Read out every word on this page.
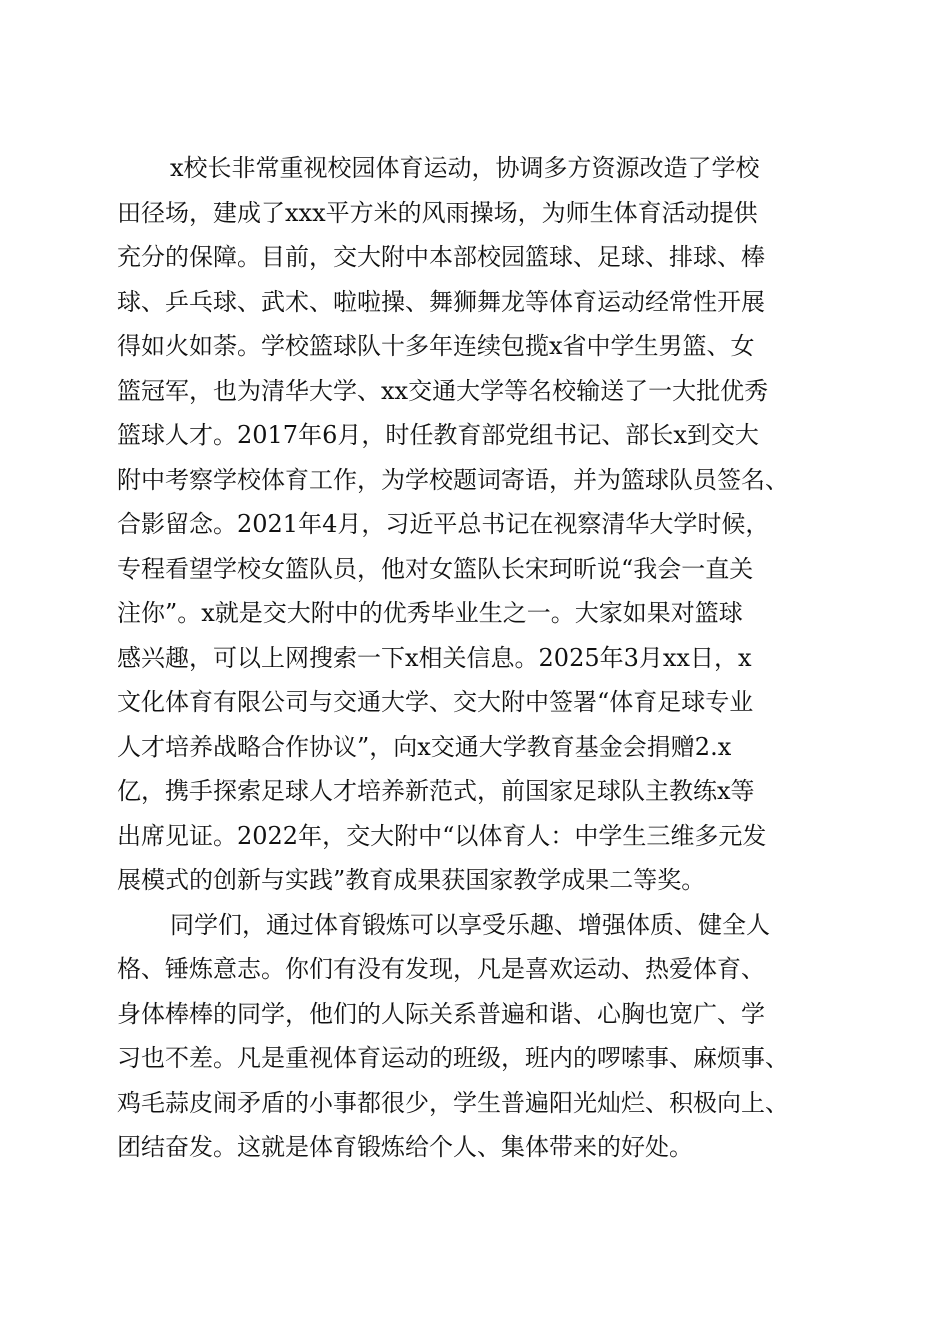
x校长非常重视校园体育运动，协调多方资源改造了学校
田径场，建成了xxx平方米的风雨操场，为师生体育活动提供
充分的保障。目前，交大附中本部校园篮球、足球、排球、棒
球、乒乓球、武术、啦啦操、舞狮舞龙等体育运动经常性开展
得如火如荼。学校篮球队十多年连续包揽x省中学生男篮、女
篮冠军，也为清华大学、xx交通大学等名校输送了一大批优秀
篮球人才。2017年6月，时任教育部党组书记、部长x到交大
附中考察学校体育工作，为学校题词寄语，并为篮球队员签名、
合影留念。2021年4月，习近平总书记在视察清华大学时候，
专程看望学校女篮队员，他对女篮队长宋珂昕说“我会一直关
注你”。x就是交大附中的优秀毕业生之一。大家如果对篮球
感兴趣，可以上网搜索一下x相关信息。2025年3月xx日，x
文化体育有限公司与交通大学、交大附中签署“体育足球专业
人才培养战略合作协议”，向x交通大学教育基金会捐赠2.x
亿，携手探索足球人才培养新范式，前国家足球队主教练x等
出席见证。2022年，交大附中“以体育人：中学生三维多元发
展模式的创新与实践”教育成果获国家教学成果二等奖。
同学们，通过体育锻炼可以享受乐趣、增强体质、健全人
格、锤炼意志。你们有没有发现，凡是喜欢运动、热爱体育、
身体棒棒的同学，他们的人际关系普遍和谐、心胸也宽广、学
习也不差。凡是重视体育运动的班级，班内的啰嗦事、麻烦事、
鸡毛蒜皮闹矛盾的小事都很少，学生普遍阳光灿烂、积极向上、
团结奋发。这就是体育锻炼给个人、集体带来的好处。
